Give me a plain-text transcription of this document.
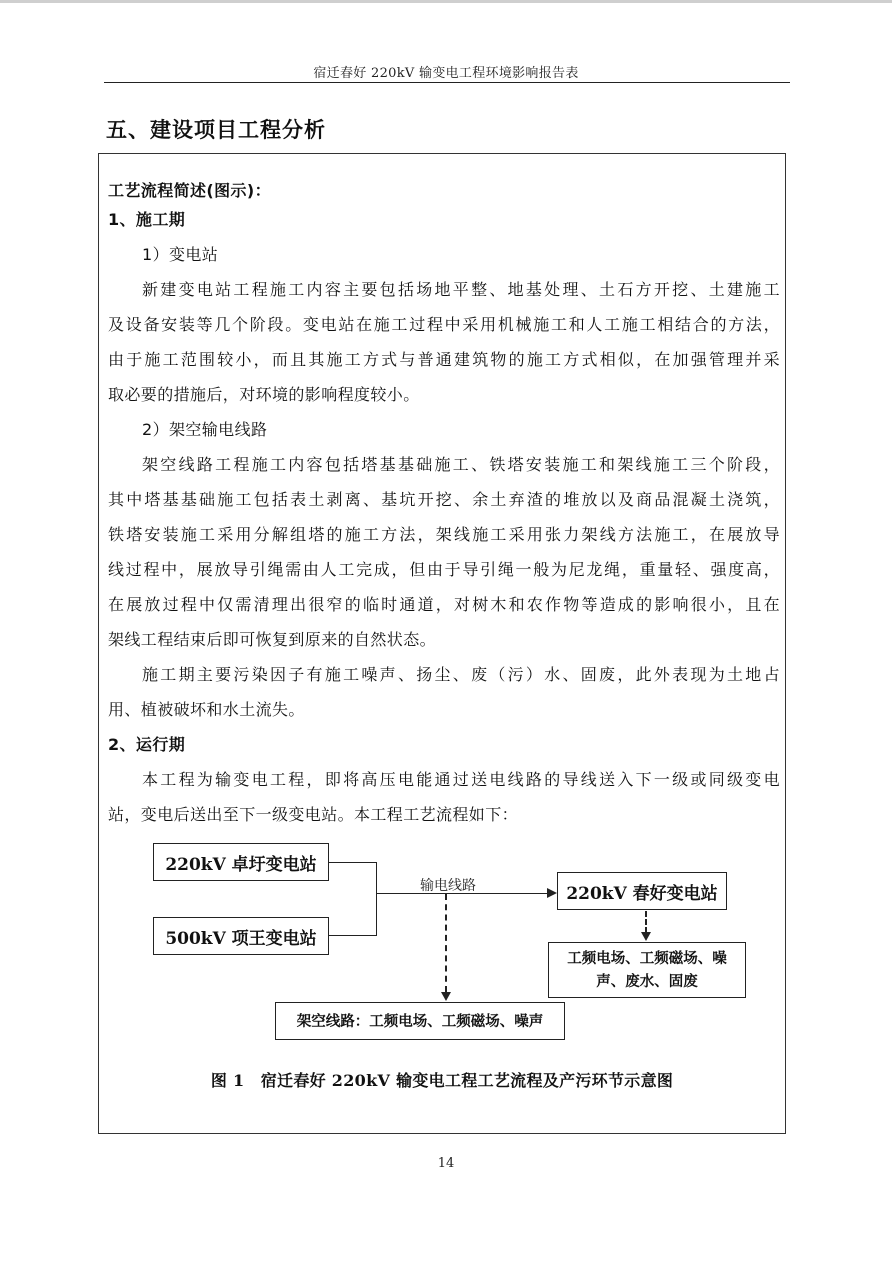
宿迁春好 220kV 输变电工程环境影响报告表
五、建设项目工程分析
工艺流程简述(图示)：
1、施工期
1）变电站
新建变电站工程施工内容主要包括场地平整、地基处理、土石方开挖、土建施工
及设备安装等几个阶段。变电站在施工过程中采用机械施工和人工施工相结合的方法，
由于施工范围较小，而且其施工方式与普通建筑物的施工方式相似，在加强管理并采
取必要的措施后，对环境的影响程度较小。
2）架空输电线路
架空线路工程施工内容包括塔基基础施工、铁塔安装施工和架线施工三个阶段，
其中塔基基础施工包括表土剥离、基坑开挖、余土弃渣的堆放以及商品混凝土浇筑，
铁塔安装施工采用分解组塔的施工方法，架线施工采用张力架线方法施工，在展放导
线过程中，展放导引绳需由人工完成，但由于导引绳一般为尼龙绳，重量轻、强度高，
在展放过程中仅需清理出很窄的临时通道，对树木和农作物等造成的影响很小，且在
架线工程结束后即可恢复到原来的自然状态。
施工期主要污染因子有施工噪声、扬尘、废（污）水、固废，此外表现为土地占
用、植被破坏和水土流失。
2、运行期
本工程为输变电工程，即将高压电能通过送电线路的导线送入下一级或同级变电
站，变电后送出至下一级变电站。本工程工艺流程如下：
220kV 卓圩变电站
500kV 项王变电站
输电线路	220kV 春好变电站
工频电场、工频磁场、噪
声、废水、固废
架空线路：工频电场、工频磁场、噪声
图 1　宿迁春好 220kV 输变电工程工艺流程及产污环节示意图
14
